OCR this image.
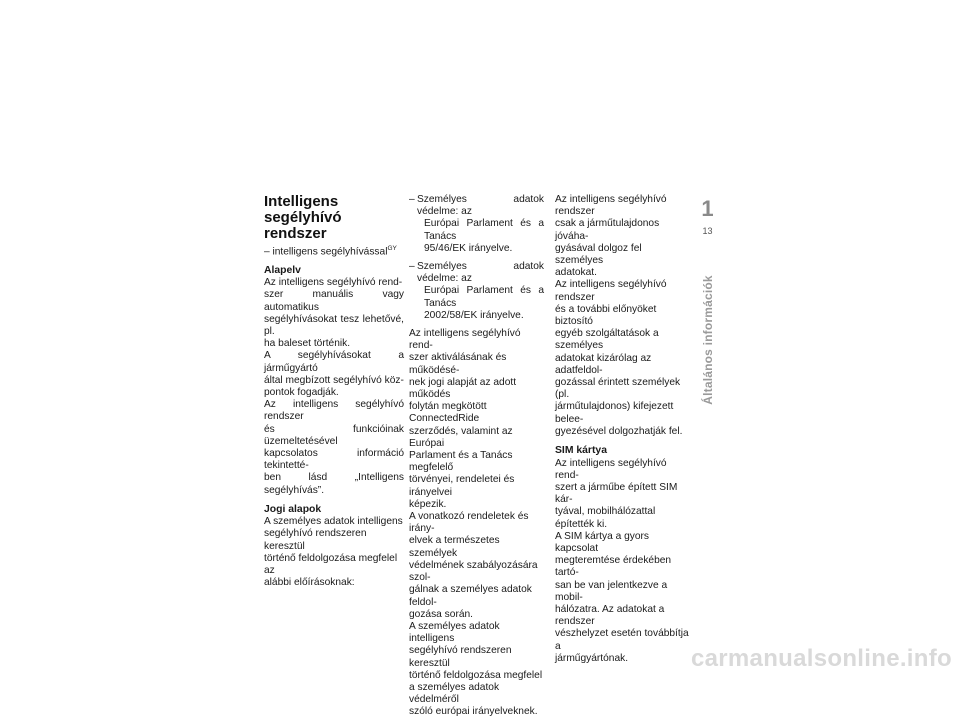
Intelligens segélyhívó
rendszer
– intelligens segélyhívással$^{GY}$
Alapelv
Az intelligens segélyhívó rend-
szer manuális vagy automatikus
segélyhívásokat tesz lehetővé, pl.
ha baleset történik.
A segélyhívásokat a járműgyártó
által megbízott segélyhívó köz-
pontok fogadják.
Az intelligens segélyhívó rendszer
és funkcióinak üzemeltetésével
kapcsolatos információ tekintetté-
ben lásd „Intelligens segélyhívás”.
Jogi alapok
A személyes adatok intelligens
segélyhívó rendszeren keresztül
történő feldolgozása megfelel az
alábbi előírásoknak:
– Személyes adatok védelme: az
Európai Parlament és a Tanács
95/46/EK irányelve.
– Személyes adatok védelme: az
Európai Parlament és a Tanács
2002/58/EK irányelve.
Az intelligens segélyhívó rend-
szer aktiválásának és működésé-
nek jogi alapját az adott működés
folytán megkötött ConnectedRide
szerződés, valamint az Európai
Parlament és a Tanács megfelelő
törvényei, rendeletei és irányelvei
képezik.
A vonatkozó rendeletek és irány-
elvek a természetes személyek
védelmének szabályozására szol-
gálnak a személyes adatok feldol-
gozása során.
A személyes adatok intelligens
segélyhívó rendszeren keresztül
történő feldolgozása megfelel
a személyes adatok védelméről
szóló európai irányelveknek.
Az intelligens segélyhívó rendszer
csak a járműtulajdonos jóváha-
gyásával dolgoz fel személyes
adatokat.
Az intelligens segélyhívó rendszer
és a további előnyöket biztosító
egyéb szolgáltatások a személyes
adatokat kizárólag az adatfeldol-
gozással érintett személyek (pl.
járműtulajdonos) kifejezett belee-
gyezésével dolgozhatják fel.
SIM kártya
Az intelligens segélyhívó rend-
szert a járműbe épített SIM kár-
tyával, mobilhálózattal építették ki.
A SIM kártya a gyors kapcsolat
megteremtése érdekében tartó-
san be van jelentkezve a mobil-
hálózatra. Az adatokat a rendszer
vészhelyzet esetén továbbítja a
járműgyártónak.
1
13
Általános információk
carmanualsonline.info
